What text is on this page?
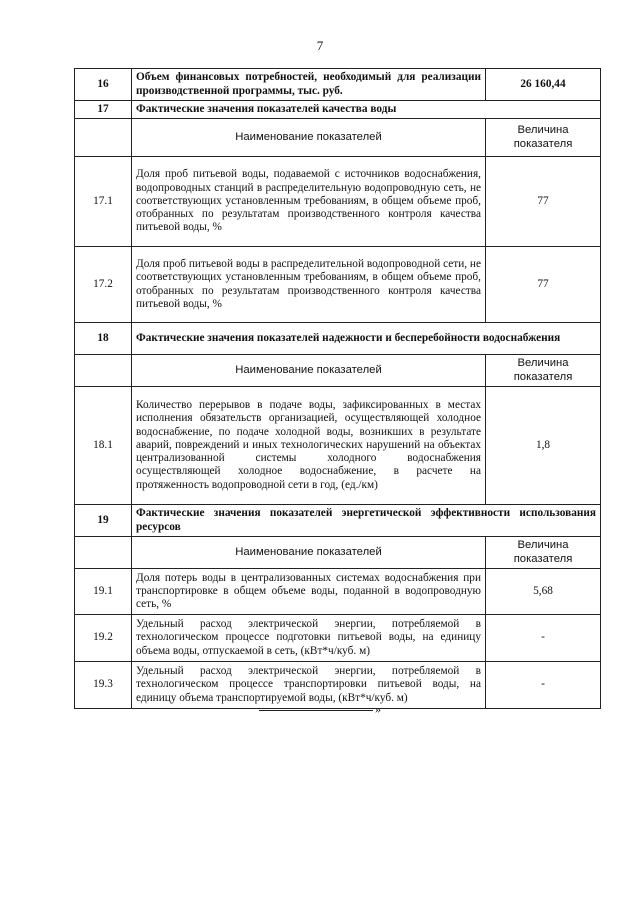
7
16	Объем финансовых потребностей, необходимый для реализации производственной программы, тыс. руб.	26 160,44
17	Фактические значения показателей качества воды	
	Наименование показателей	Величина показателя
17.1	Доля проб питьевой воды, подаваемой с источников водоснабжения, водопроводных станций в распределительную водопроводную сеть, не соответствующих установленным требованиям, в общем объеме проб, отобранных по результатам производственного контроля качества питьевой воды, %	77
17.2	Доля проб питьевой воды в распределительной водопроводной сети, не соответствующих установленным требованиям, в общем объеме проб, отобранных по результатам производственного контроля качества питьевой воды, %	77
18	Фактические значения показателей надежности и бесперебойности водоснабжения	
	Наименование показателей	Величина показателя
18.1	Количество перерывов в подаче воды, зафиксированных в местах исполнения обязательств организацией, осуществляющей холодное водоснабжение, по подаче холодной воды, возникших в результате аварий, повреждений и иных технологических нарушений на объектах централизованной системы холодного водоснабжения осуществляющей холодное водоснабжение, в расчете на протяженность водопроводной сети в год, (ед./км)	1,8
19	Фактические значения показателей энергетической эффективности использования ресурсов	
	Наименование показателей	Величина показателя
19.1	Доля потерь воды в централизованных системах водоснабжения при транспортировке в общем объеме воды, поданной в водопроводную сеть, %	5,68
19.2	Удельный расход электрической энергии, потребляемой в технологическом процессе подготовки питьевой воды, на единицу объема воды, отпускаемой в сеть, (кВт*ч/куб. м)	-
19.3	Удельный расход электрической энергии, потребляемой в технологическом процессе транспортировки питьевой воды, на единицу объема транспортируемой воды, (кВт*ч/куб. м)	-
»
